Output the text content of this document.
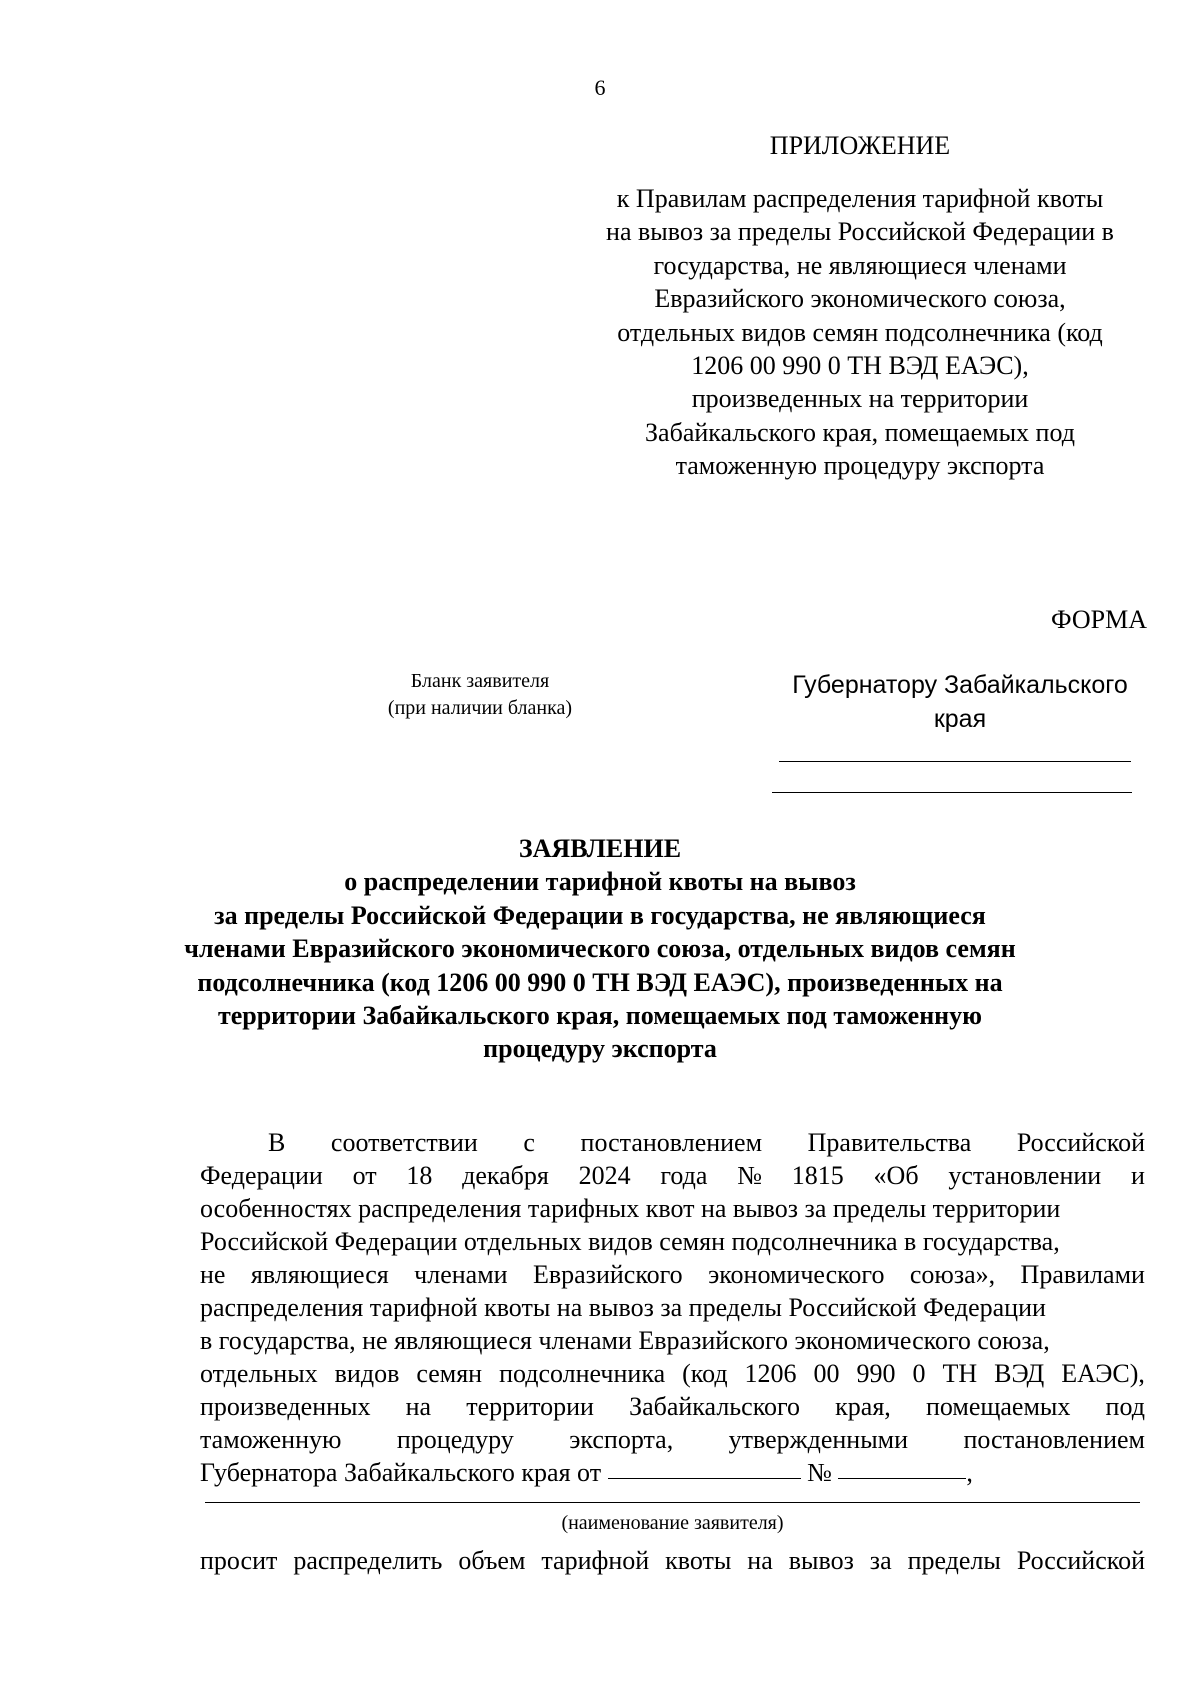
6
ПРИЛОЖЕНИЕ
к Правилам распределения тарифной квоты
на вывоз за пределы Российской Федерации в
государства, не являющиеся членами
Евразийского экономического союза,
отдельных видов семян подсолнечника (код
1206 00 990 0 ТН ВЭД ЕАЭС),
произведенных на территории
Забайкальского края, помещаемых под
таможенную процедуру экспорта
ФОРМА
Бланк заявителя
(при наличии бланка)
Губернатору Забайкальского
края
ЗАЯВЛЕНИЕ
о распределении тарифной квоты на вывоз
за пределы Российской Федерации в государства, не являющиеся
членами Евразийского экономического союза, отдельных видов семян
подсолнечника (код 1206 00 990 0 ТН ВЭД ЕАЭС), произведенных на
территории Забайкальского края, помещаемых под таможенную
процедуру экспорта
В соответствии с постановлением Правительства Российской
Федерации от 18 декабря 2024 года № 1815 «Об установлении и
особенностях распределения тарифных квот на вывоз за пределы территории
Российской Федерации отдельных видов семян подсолнечника в государства,
не являющиеся членами Евразийского экономического союза», Правилами
распределения тарифной квоты на вывоз за пределы Российской Федерации
в государства, не являющиеся членами Евразийского экономического союза,
отдельных видов семян подсолнечника (код 1206 00 990 0 ТН ВЭД ЕАЭС),
произведенных на территории Забайкальского края, помещаемых под
таможенную процедуру экспорта, утвержденными постановлением
Губернатора Забайкальского края от

	№
	,
(наименование заявителя)
просит распределить объем тарифной квоты на вывоз за пределы Российской
